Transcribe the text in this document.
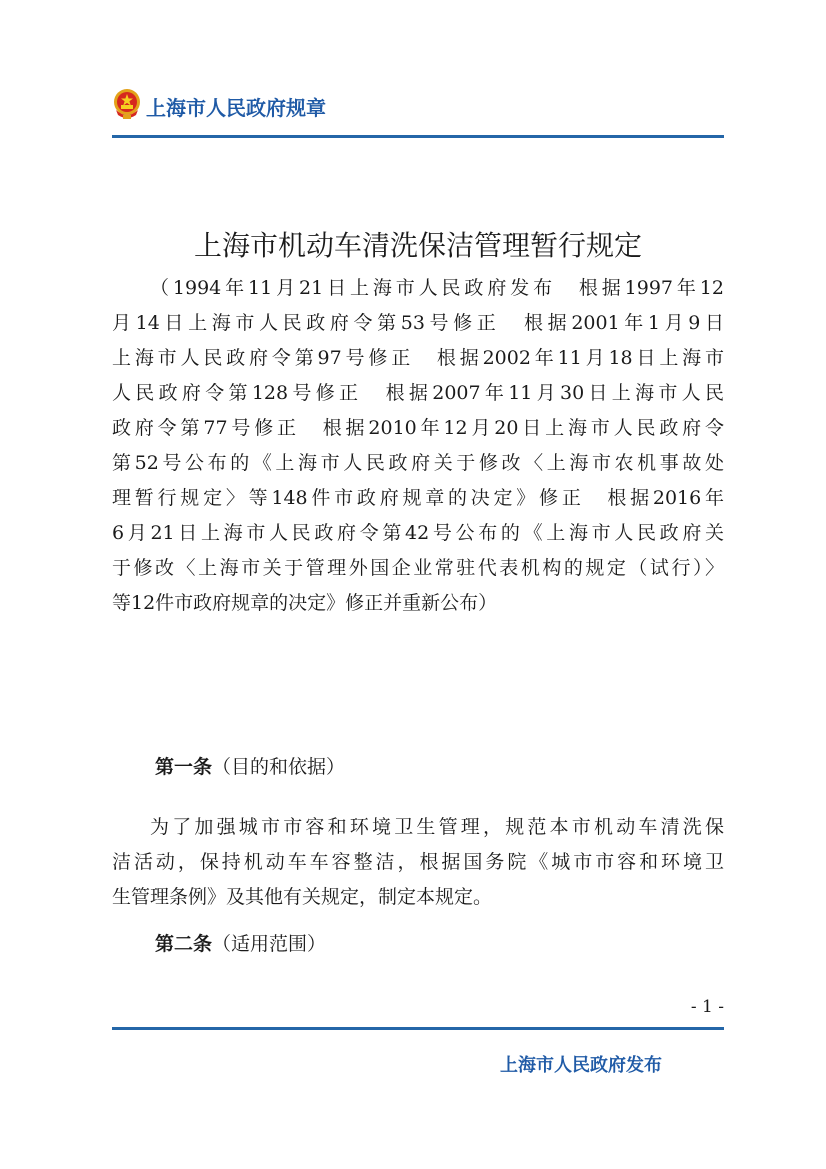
上海市人民政府规章
上海市机动车清洗保洁管理暂行规定
（1994年11月21日上海市人民政府发布　根据1997年12
月14日上海市人民政府令第53号修正　根据2001年1月9日
上海市人民政府令第97号修正　根据2002年11月18日上海市
人民政府令第128号修正　根据2007年11月30日上海市人民
政府令第77号修正　根据2010年12月20日上海市人民政府令
第52号公布的《上海市人民政府关于修改〈上海市农机事故处
理暂行规定〉等148件市政府规章的决定》修正　根据2016年
6月21日上海市人民政府令第42号公布的《上海市人民政府关
于修改〈上海市关于管理外国企业常驻代表机构的规定（试行）〉
等12件市政府规章的决定》修正并重新公布）
第一条（目的和依据）
为了加强城市市容和环境卫生管理，规范本市机动车清洗保
洁活动，保持机动车车容整洁，根据国务院《城市市容和环境卫
生管理条例》及其他有关规定，制定本规定。
第二条（适用范围）
- 1 -
上海市人民政府发布
